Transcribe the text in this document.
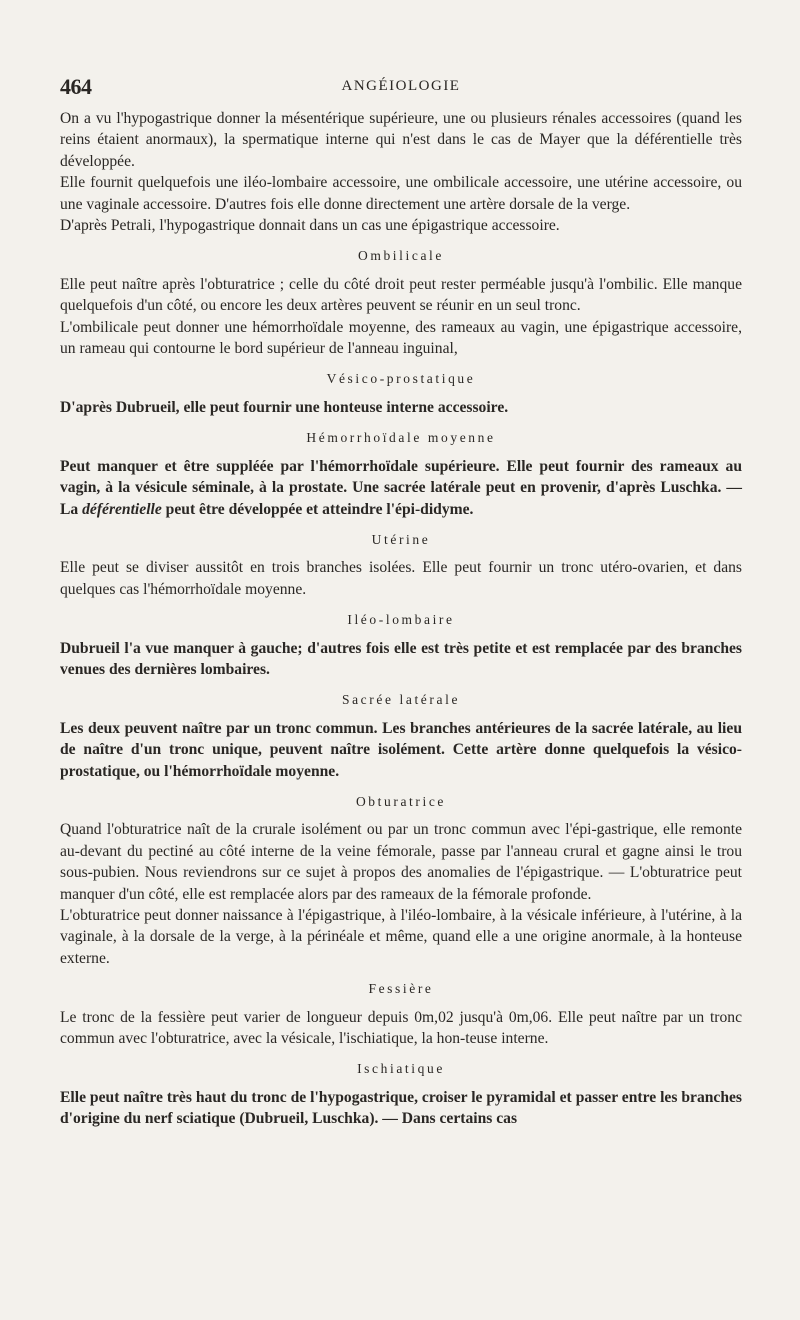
464	ANGÉIOLOGIE

On a vu l'hypogastrique donner la mésentérique supérieure, une ou plusieurs rénales accessoires (quand les reins étaient anormaux), la spermatique interne qui n'est dans le cas de Mayer que la déférentielle très développée.

Elle fournit quelquefois une iléo-lombaire accessoire, une ombilicale accessoire, une utérine accessoire, ou une vaginale accessoire. D'autres fois elle donne directement une artère dorsale de la verge.

D'après Petrali, l'hypogastrique donnait dans un cas une épigastrique accessoire.

Ombilicale

Elle peut naître après l'obturatrice ; celle du côté droit peut rester perméable jusqu'à l'ombilic. Elle manque quelquefois d'un côté, ou encore les deux artères peuvent se réunir en un seul tronc.

L'ombilicale peut donner une hémorrhoïdale moyenne, des rameaux au vagin, une épigastrique accessoire, un rameau qui contourne le bord supérieur de l'anneau inguinal,

Vésico-prostatique

D'après Dubrueil, elle peut fournir une honteuse interne accessoire.

Hémorrhoïdale moyenne

Peut manquer et être suppléée par l'hémorrhoïdale supérieure. Elle peut fournir des rameaux au vagin, à la vésicule séminale, à la prostate. Une sacrée latérale peut en provenir, d'après Luschka. — La déférentielle peut être développée et atteindre l'épi-didyme.

Utérine

Elle peut se diviser aussitôt en trois branches isolées. Elle peut fournir un tronc utéro-ovarien, et dans quelques cas l'hémorrhoïdale moyenne.

Iléo-lombaire

Dubrueil l'a vue manquer à gauche; d'autres fois elle est très petite et est remplacée par des branches venues des dernières lombaires.

Sacrée latérale

Les deux peuvent naître par un tronc commun. Les branches antérieures de la sacrée latérale, au lieu de naître d'un tronc unique, peuvent naître isolément. Cette artère donne quelquefois la vésico-prostatique, ou l'hémorrhoïdale moyenne.

Obturatrice

Quand l'obturatrice naît de la crurale isolément ou par un tronc commun avec l'épi-gastrique, elle remonte au-devant du pectiné au côté interne de la veine fémorale, passe par l'anneau crural et gagne ainsi le trou sous-pubien. Nous reviendrons sur ce sujet à propos des anomalies de l'épigastrique. — L'obturatrice peut manquer d'un côté, elle est remplacée alors par des rameaux de la fémorale profonde.

L'obturatrice peut donner naissance à l'épigastrique, à l'iléo-lombaire, à la vésicale inférieure, à l'utérine, à la vaginale, à la dorsale de la verge, à la périnéale et même, quand elle a une origine anormale, à la honteuse externe.

Fessière

Le tronc de la fessière peut varier de longueur depuis 0m,02 jusqu'à 0m,06. Elle peut naître par un tronc commun avec l'obturatrice, avec la vésicale, l'ischiatique, la hon-teuse interne.

Ischiatique

Elle peut naître très haut du tronc de l'hypogastrique, croiser le pyramidal et passer entre les branches d'origine du nerf sciatique (Dubrueil, Luschka). — Dans certains cas
